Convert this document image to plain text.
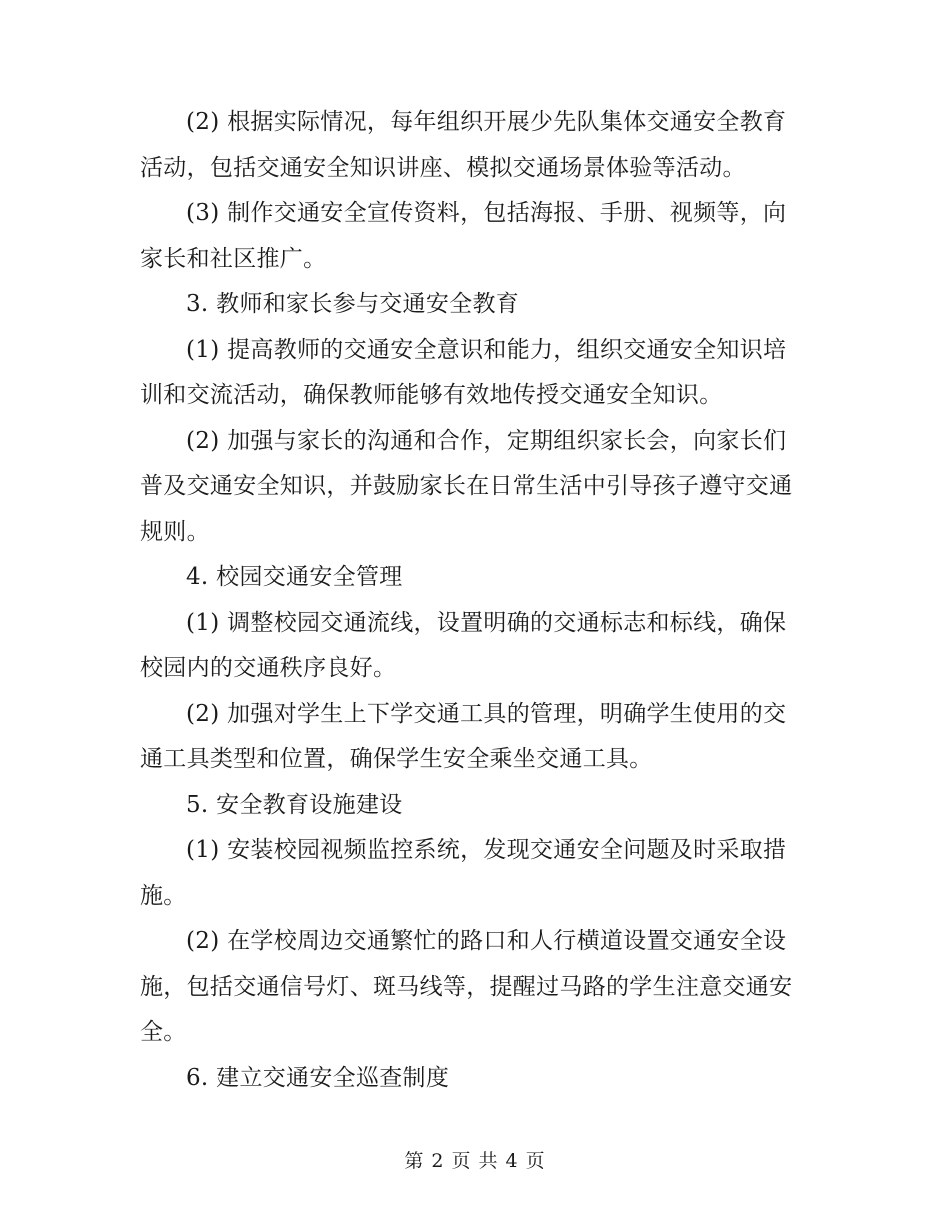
(2) 根据实际情况，每年组织开展少先队集体交通安全教育
活动，包括交通安全知识讲座、模拟交通场景体验等活动。

(3) 制作交通安全宣传资料，包括海报、手册、视频等，向
家长和社区推广。

3. 教师和家长参与交通安全教育

(1) 提高教师的交通安全意识和能力，组织交通安全知识培
训和交流活动，确保教师能够有效地传授交通安全知识。

(2) 加强与家长的沟通和合作，定期组织家长会，向家长们
普及交通安全知识，并鼓励家长在日常生活中引导孩子遵守交通
规则。

4. 校园交通安全管理

(1) 调整校园交通流线，设置明确的交通标志和标线，确保
校园内的交通秩序良好。

(2) 加强对学生上下学交通工具的管理，明确学生使用的交
通工具类型和位置，确保学生安全乘坐交通工具。

5. 安全教育设施建设

(1) 安装校园视频监控系统，发现交通安全问题及时采取措
施。

(2) 在学校周边交通繁忙的路口和人行横道设置交通安全设
施，包括交通信号灯、斑马线等，提醒过马路的学生注意交通安
全。

6. 建立交通安全巡查制度

第 2 页 共 4 页
